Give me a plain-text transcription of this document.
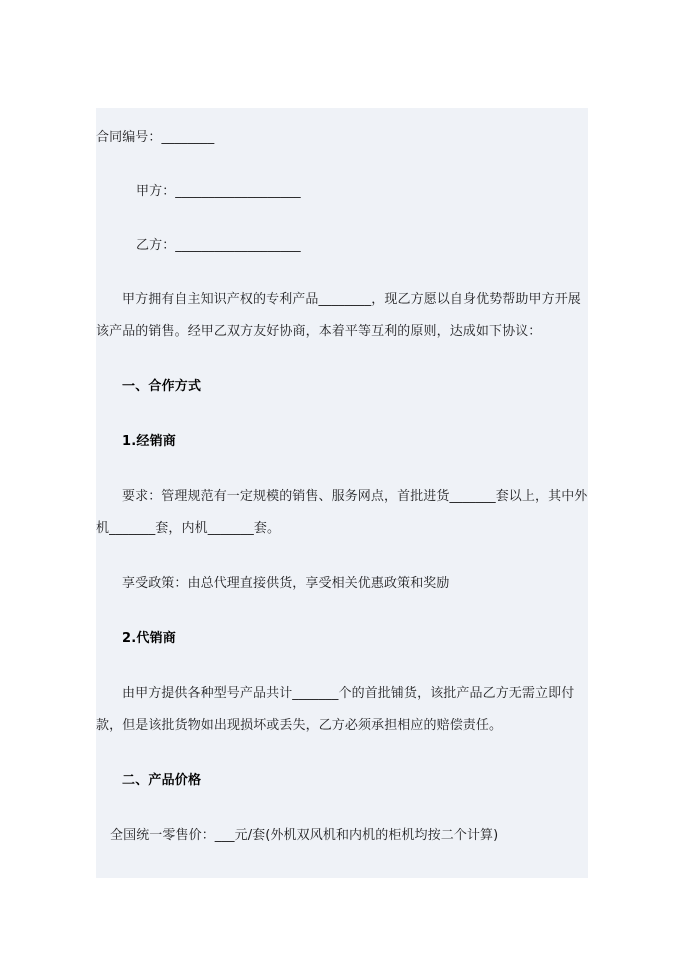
合同编号：________

甲方：___________________

乙方：___________________

甲方拥有自主知识产权的专利产品________，现乙方愿以自身优势帮助甲方开展该产品的销售。经甲乙双方友好协商，本着平等互利的原则，达成如下协议：

一、合作方式

1.经销商

要求：管理规范有一定规模的销售、服务网点，首批进货_______套以上，其中外机_______套，内机_______套。

享受政策：由总代理直接供货，享受相关优惠政策和奖励

2.代销商

由甲方提供各种型号产品共计_______个的首批铺货，该批产品乙方无需立即付款，但是该批货物如出现损坏或丢失，乙方必须承担相应的赔偿责任。

二、产品价格

全国统一零售价：___元/套(外机双风机和内机的柜机均按二个计算)
